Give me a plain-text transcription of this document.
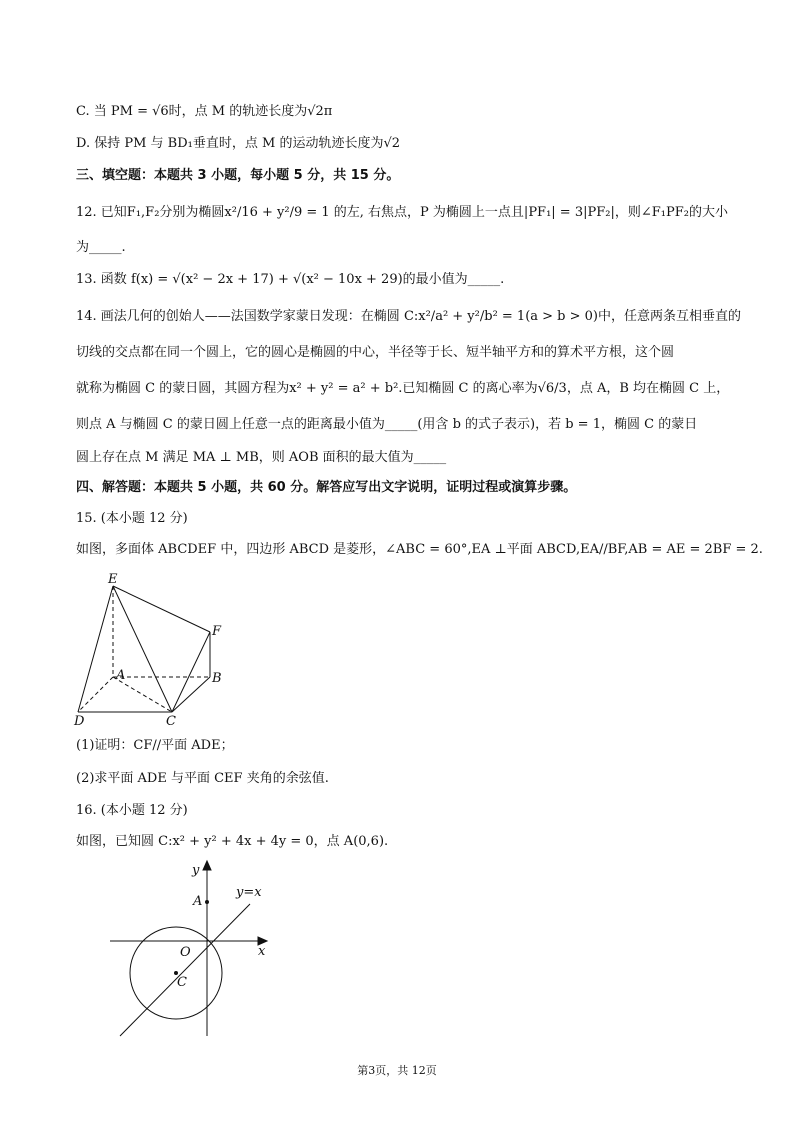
C. 当 PM = √6时，点 M 的轨迹长度为√2π
D. 保持 PM 与 BD₁垂直时，点 M 的运动轨迹长度为√2
三、填空题：本题共 3 小题，每小题 5 分，共 15 分。
12. 已知F₁,F₂分别为椭圆x²/16 + y²/9 = 1 的左, 右焦点，P 为椭圆上一点且|PF₁| = 3|PF₂|，则∠F₁PF₂的大小
为_____.
13. 函数 f(x) = √(x² − 2x + 17) + √(x² − 10x + 29)的最小值为_____.
14. 画法几何的创始人——法国数学家蒙日发现：在椭圆 C:x²/a² + y²/b² = 1(a > b > 0)中，任意两条互相垂直的
切线的交点都在同一个圆上，它的圆心是椭圆的中心，半径等于长、短半轴平方和的算术平方根，这个圆
就称为椭圆 C 的蒙日圆，其圆方程为x² + y² = a² + b².已知椭圆 C 的离心率为√6/3，点 A，B 均在椭圆 C 上，
则点 A 与椭圆 C 的蒙日圆上任意一点的距离最小值为_____(用含 b 的式子表示)，若 b = 1，椭圆 C 的蒙日
圆上存在点 M 满足 MA ⊥ MB，则 AOB 面积的最大值为_____
四、解答题：本题共 5 小题，共 60 分。解答应写出文字说明，证明过程或演算步骤。
15. (本小题 12 分)
如图，多面体 ABCDEF 中，四边形 ABCD 是菱形，∠ABC = 60°,EA ⊥平面 ABCD,EA//BF,AB = AE = 2BF = 2.
E
F
A	B
D	C
(1)证明：CF//平面 ADE；
(2)求平面 ADE 与平面 CEF 夹角的余弦值.
16. (本小题 12 分)
如图，已知圆 C:x² + y² + 4x + 4y = 0，点 A(0,6).
y
y=x
A
O	x
C
第3页，共 12页
